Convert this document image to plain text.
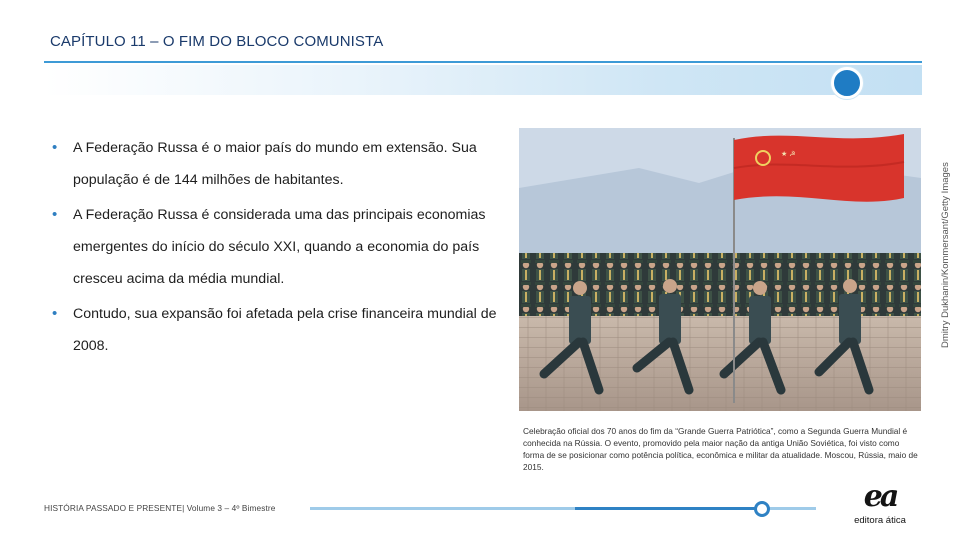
CAPÍTULO 11 – O FIM DO BLOCO COMUNISTA
• A Federação Russa é o maior país do mundo em extensão. Sua população é de 144 milhões de habitantes.
• A Federação Russa é considerada uma das principais economias emergentes do início do século XXI, quando a economia do país cresceu acima da média mundial.
• Contudo, sua expansão foi afetada pela crise financeira mundial de 2008.
★ ☭
Dmitry Dukhanin/Kommersant/Getty Images
Celebração oficial dos 70 anos do fim da “Grande Guerra Patriótica”, como a Segunda Guerra Mundial é conhecida na Rússia. O evento, promovido pela maior nação da antiga União Soviética, foi visto como forma de se posicionar como potência política, econômica e militar da atualidade. Moscou, Rússia, maio de 2015.
HISTÓRIA PASSADO E PRESENTE| Volume 3 – 4º Bimestre	ea
editora ática
